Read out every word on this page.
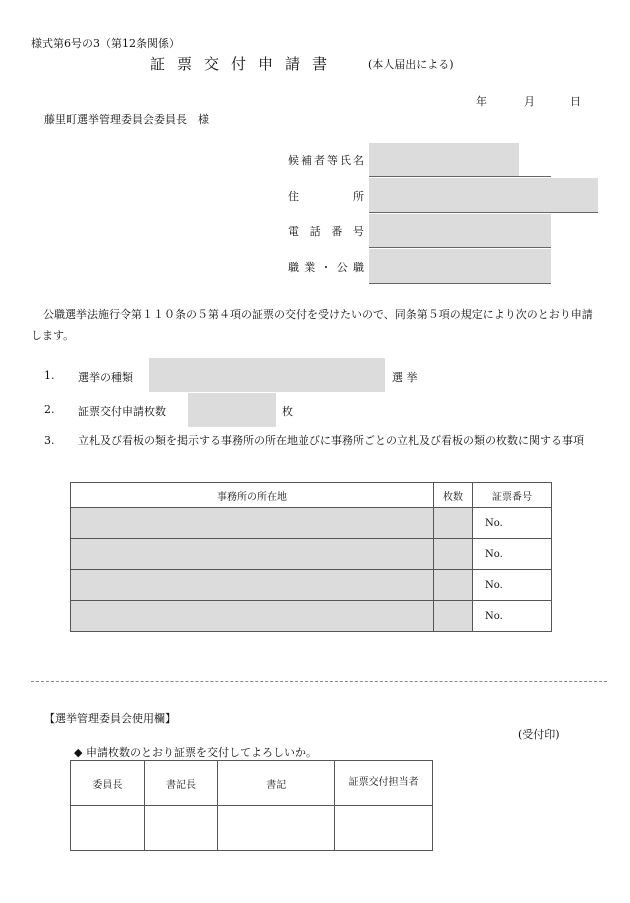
様式第6号の3（第12条関係）
証票交付申請書	(本人届出による)
年	月	日
藤里町選挙管理委員会委員長　様
候補者等氏名
住所
電話番号
職業・公職
公職選挙法施行令第１１０条の５第４項の証票の交付を受けたいので、同条第５項の規定により次のとおり申請します。
1. 選挙の種類	選 挙
2. 証票交付申請枚数	枚
3. 立札及び看板の類を掲示する事務所の所在地並びに事務所ごとの立札及び看板の類の枚数に関する事項
事務所の所在地	枚数	証票番号
		No.
		No.
		No.
		No.
【選挙管理委員会使用欄】
(受付印)
◆ 申請枚数のとおり証票を交付してよろしいか。
委員長	書記長	書記	証票交付担当者
